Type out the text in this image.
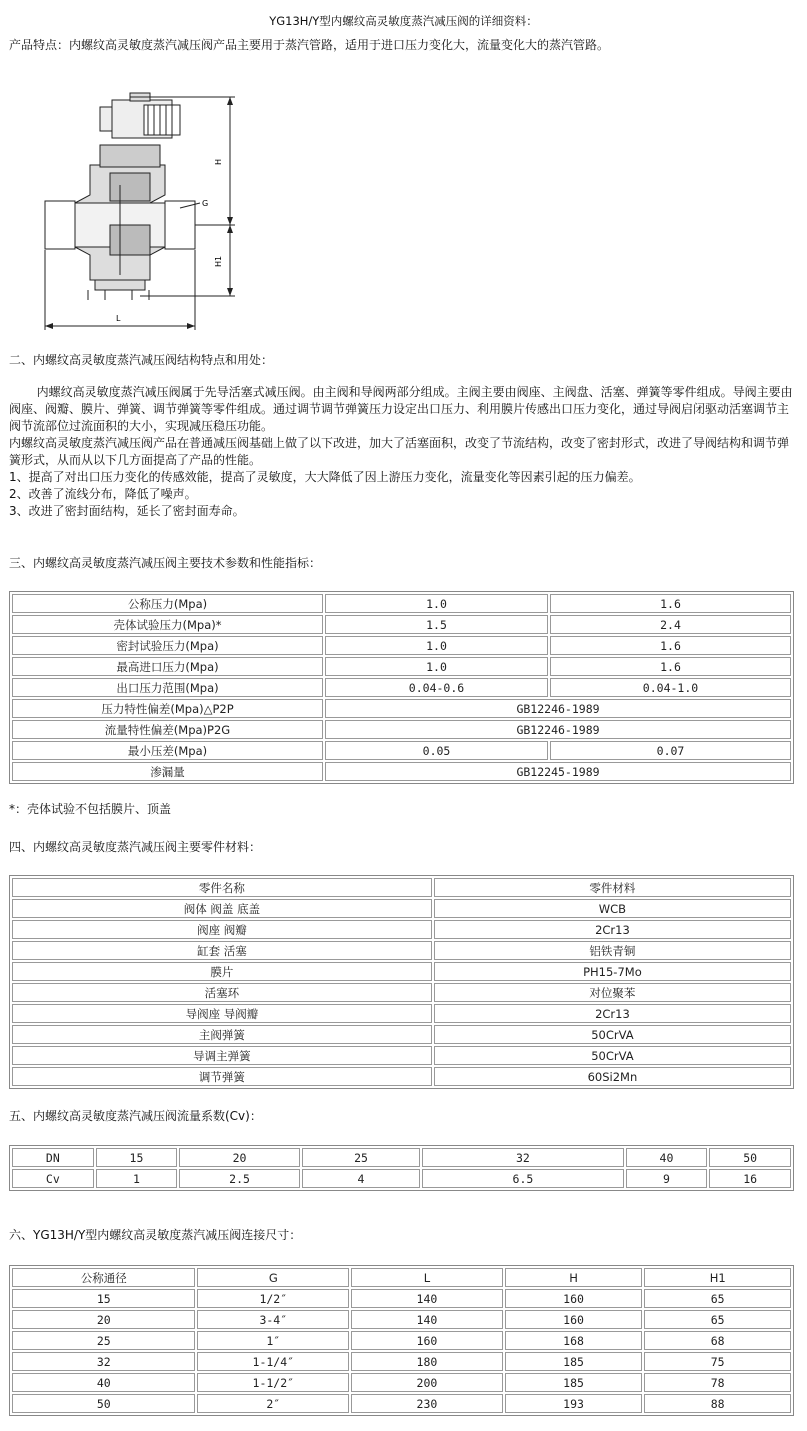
YG13H/Y型内螺纹高灵敏度蒸汽减压阀的详细资料：
产品特点：内螺纹高灵敏度蒸汽减压阀产品主要用于蒸汽管路，适用于进口压力变化大，流量变化大的蒸汽管路。
G
H
H1
L
二、内螺纹高灵敏度蒸汽减压阀结构特点和用处：

内螺纹高灵敏度蒸汽减压阀属于先导活塞式减压阀。由主阀和导阀两部分组成。主阀主要由阀座、主阀盘、活塞、弹簧等零件组成。导阀主要由阀座、阀瓣、膜片、弹簧、调节弹簧等零件组成。通过调节调节弹簧压力设定出口压力、利用膜片传感出口压力变化，通过导阀启闭驱动活塞调节主阀节流部位过流面积的大小，实现减压稳压功能。

内螺纹高灵敏度蒸汽减压阀产品在普通减压阀基础上做了以下改进，加大了活塞面积，改变了节流结构，改变了密封形式，改进了导阀结构和调节弹簧形式，从而从以下几方面提高了产品的性能。

1、提高了对出口压力变化的传感效能，提高了灵敏度，大大降低了因上游压力变化，流量变化等因素引起的压力偏差。

2、改善了流线分布，降低了噪声。

3、改进了密封面结构，延长了密封面寿命。

三、内螺纹高灵敏度蒸汽减压阀主要技术参数和性能指标：
公称压力(Mpa)	1.0	1.6
壳体试验压力(Mpa)*	1.5	2.4
密封试验压力(Mpa)	1.0	1.6
最高进口压力(Mpa)	1.0	1.6
出口压力范围(Mpa)	0.04-0.6	0.04-1.0
压力特性偏差(Mpa)△P2P	GB12246-1989	
流量特性偏差(Mpa)P2G	GB12246-1989	
最小压差(Mpa)	0.05	0.07
渗漏量	GB12245-1989	
*：壳体试验不包括膜片、顶盖
四、内螺纹高灵敏度蒸汽减压阀主要零件材料：
零件名称	零件材料
阀体 阀盖 底盖	WCB
阀座 阀瓣	2Cr13
缸套 活塞	铝铁青铜
膜片	PH15-7Mo
活塞环	对位聚苯
导阀座 导阀瓣	2Cr13
主阀弹簧	50CrVA
导调主弹簧	50CrVA
调节弹簧	60Si2Mn
五、内螺纹高灵敏度蒸汽减压阀流量系数(Cv)：
DN	15	20	25	32	40	50
Cv	1	2.5	4	6.5	9	16
六、YG13H/Y型内螺纹高灵敏度蒸汽减压阀连接尺寸：
公称通径	G	L	H	H1
15	1/2″	140	160	65
20	3-4″	140	160	65
25	1″	160	168	68
32	1-1/4″	180	185	75
40	1-1/2″	200	185	78
50	2″	230	193	88
